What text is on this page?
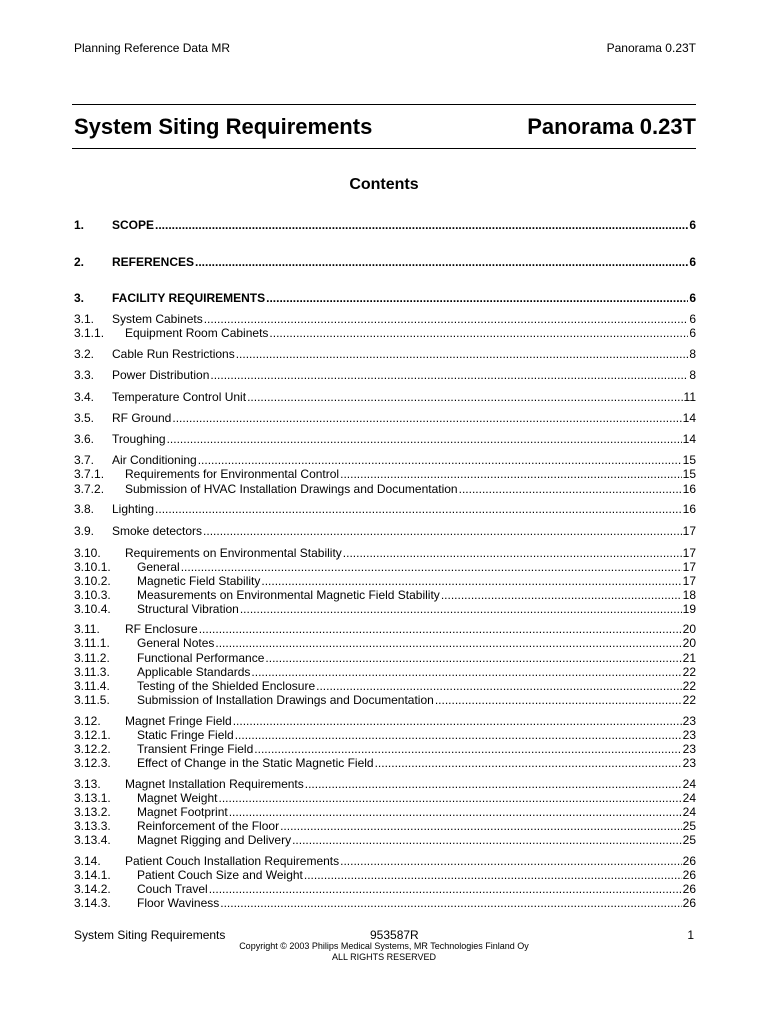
Planning Reference Data MR	Panorama 0.23T
System Siting Requirements	Panorama 0.23T
Contents
1. SCOPE .....	6
2. REFERENCES .....	6
3. FACILITY REQUIREMENTS .....	6
3.1. System Cabinets .....	6
3.1.1. Equipment Room Cabinets .....	6
3.2. Cable Run Restrictions .....	8
3.3. Power Distribution .....	8
3.4. Temperature Control Unit .....	11
3.5. RF Ground .....	14
3.6. Troughing .....	14
3.7. Air Conditioning .....	15
3.7.1. Requirements for Environmental Control .....	15
3.7.2. Submission of HVAC Installation Drawings and Documentation .....	16
3.8. Lighting .....	16
3.9. Smoke detectors .....	17
3.10. Requirements on Environmental Stability .....	17
3.10.1. General .....	17
3.10.2. Magnetic Field Stability .....	17
3.10.3. Measurements on Environmental Magnetic Field Stability .....	18
3.10.4. Structural Vibration .....	19
3.11. RF Enclosure .....	20
3.11.1. General Notes .....	20
3.11.2. Functional Performance .....	21
3.11.3. Applicable Standards .....	22
3.11.4. Testing of the Shielded Enclosure .....	22
3.11.5. Submission of Installation Drawings and Documentation .....	22
3.12. Magnet Fringe Field .....	23
3.12.1. Static Fringe Field .....	23
3.12.2. Transient Fringe Field .....	23
3.12.3. Effect of Change in the Static Magnetic Field .....	23
3.13. Magnet Installation Requirements .....	24
3.13.1. Magnet Weight .....	24
3.13.2. Magnet Footprint .....	24
3.13.3. Reinforcement of the Floor .....	25
3.13.4. Magnet Rigging and Delivery .....	25
3.14. Patient Couch Installation Requirements .....	26
3.14.1. Patient Couch Size and Weight .....	26
3.14.2. Couch Travel .....	26
3.14.3. Floor Waviness .....	26
System Siting Requirements	953587R	1
Copyright © 2003 Philips Medical Systems, MR Technologies Finland Oy
ALL RIGHTS RESERVED
